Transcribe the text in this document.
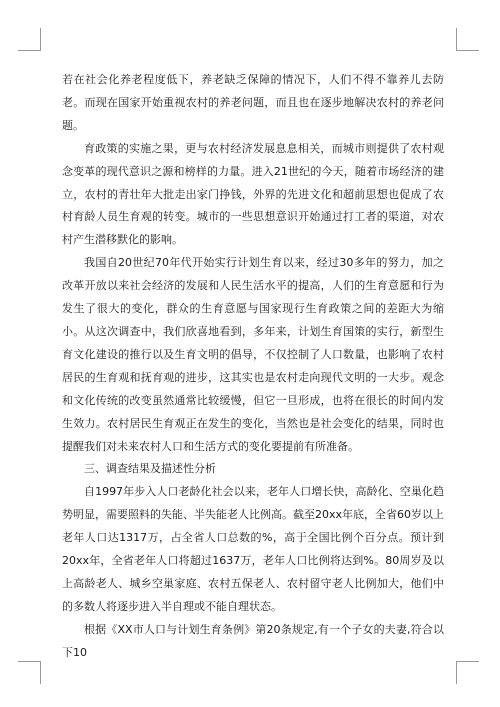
若在社会化养老程度低下，养老缺乏保障的情况下，人们不得不靠养儿去防老。而现在国家开始重视农村的养老问题，而且也在逐步地解决农村的养老问题。

育政策的实施之果，更与农村经济发展息息相关，而城市则提供了农村观念变革的现代意识之源和榜样的力量。进入21世纪的今天，随着市场经济的建立，农村的青壮年大批走出家门挣钱，外界的先进文化和超前思想也促成了农村育龄人员生育观的转变。城市的一些思想意识开始通过打工者的渠道，对农村产生潜移默化的影响。

我国自20世纪70年代开始实行计划生育以来，经过30多年的努力，加之改革开放以来社会经济的发展和人民生活水平的提高，人们的生育意愿和行为发生了很大的变化，群众的生育意愿与国家现行生育政策之间的差距大为缩小。从这次调查中，我们欣喜地看到，多年来，计划生育国策的实行，新型生育文化建设的推行以及生育文明的倡导，不仅控制了人口数量，也影响了农村居民的生育观和抚育观的进步，这其实也是农村走向现代文明的一大步。观念和文化传统的改变虽然通常比较缓慢，但它一旦形成，也将在很长的时间内发生效力。农村居民生育观正在发生的变化，当然也是社会变化的结果，同时也提醒我们对未来农村人口和生活方式的变化要提前有所准备。

三、调查结果及描述性分析

自1997年步入人口老龄化社会以来，老年人口增长快，高龄化、空巢化趋势明显，需要照料的失能、半失能老人比例高。截至20xx年底，全省60岁以上老年人口达1317万，占全省人口总数的%，高于全国比例个百分点。预计到20xx年，全省老年人口将超过1637万，老年人口比例将达到%。80周岁及以上高龄老人、城乡空巢家庭、农村五保老人、农村留守老人比例加大，他们中的多数人将逐步进入半自理或不能自理状态。

根据《XX市人口与计划生育条例》第20条规定,有一个子女的夫妻,符合以下10
